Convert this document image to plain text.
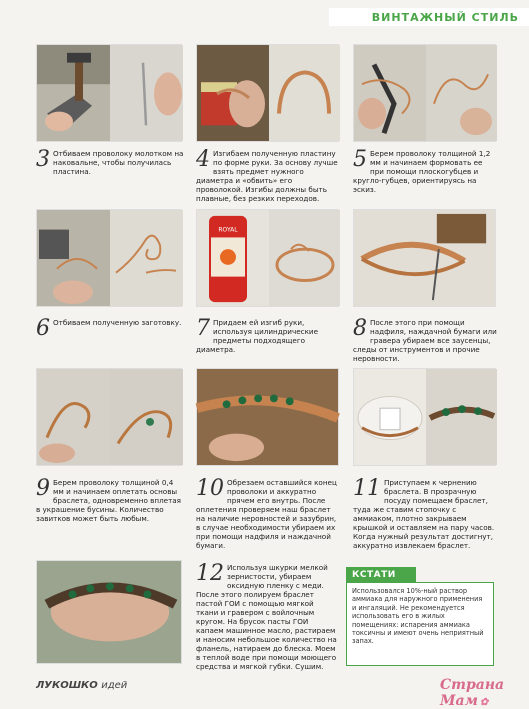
ВИНТАЖНЫЙ СТИЛЬ
3 Отбиваем проволоку молотком на наковальне, чтобы получилась пластина.	4 Изгибаем полученную пластину по форме руки. За основу лучше взять предмет нужного диаметра и «обвить» его проволокой. Изгибы должны быть плавные, без резких переходов.
5 Берем проволоку толщиной 1,2 мм и начинаем формовать ее при помощи плоскогубцев и кругло-губцев, ориентируясь на эскиз.
ROYAL
6 Отбиваем полученную заготовку. 7 Придаем ей изгиб руки, используя цилиндрические предметы подходящего диаметра.
8 После этого при помощи надфиля, наждачной бумаги или гравера убираем все заусенцы, следы от инструментов и прочие неровности.
9 Берем проволоку толщиной 0,4 мм и начинаем оплетать основы браслета, одновременно вплетая в украшение бусины. Количество завитков может быть любым.
10 Обрезаем оставшийся конец проволоки и аккуратно прячем его внутрь. После оплетения проверяем наш браслет на наличие неровностей и зазубрин, в случае необходимости убираем их при помощи надфиля и наждачной бумаги.
11 Приступаем к чернению браслета. В прозрачную посуду помещаем браслет, туда же ставим стопочку с аммиаком, плотно закрываем крышкой и оставляем на пару часов. Когда нужный результат достигнут, аккуратно извлекаем браслет.
12 Используя шкурки мелкой зернистости, убираем оксидную пленку с меди. После этого полируем браслет пастой ГОИ с помощью мягкой ткани и гравером с войлочным кругом. На брусок пасты ГОИ капаем машинное масло, растираем и наносим небольшое количество на фланель, натираем до блеска. Моем в теплой воде при помощи моющего средства и мягкой губки. Сушим.
КСТАТИ
Использовался 10%-ный раствор аммиака для наружного применения и ингаляций. Не рекомендуется использовать его в жилых помещениях: испарения аммиака токсичны и имеют очень неприятный запах.
ЛУКОШКО идей	Страна Мам ✿
